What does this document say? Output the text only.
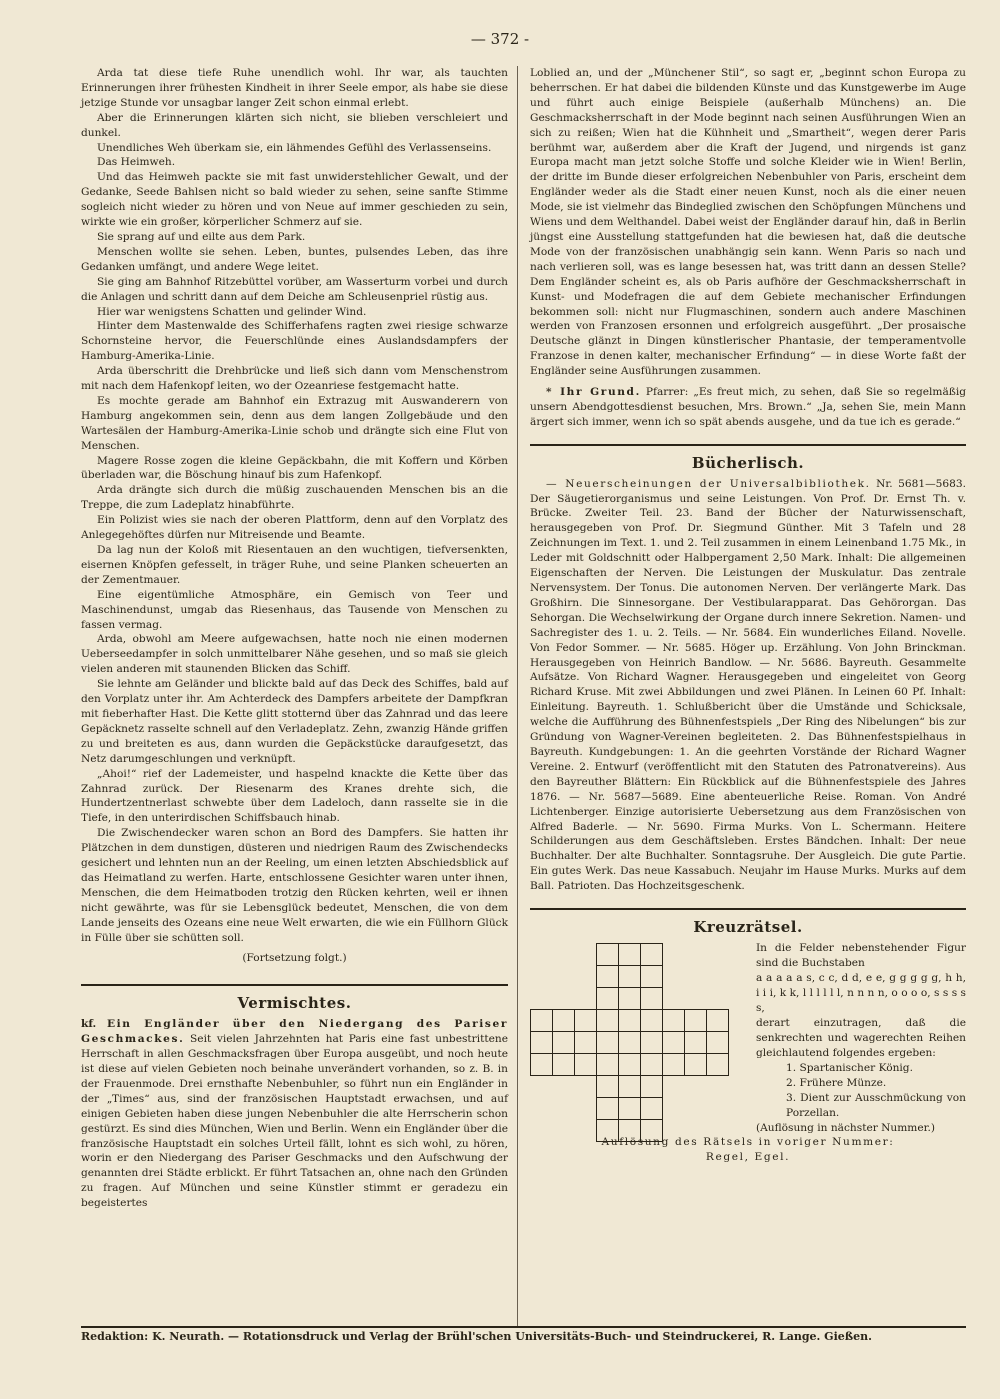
— 372 -

Arda tat diese tiefe Ruhe unendlich wohl. Ihr war, als tauchten Erinnerungen ihrer frühesten Kindheit in ihrer Seele empor, als habe sie diese jetzige Stunde vor unsagbar langer Zeit schon einmal erlebt.

Aber die Erinnerungen klärten sich nicht, sie blieben verschleiert und dunkel.

Unendliches Weh überkam sie, ein lähmendes Gefühl des Verlassenseins.

Das Heimweh.

Und das Heimweh packte sie mit fast unwiderstehlicher Gewalt, und der Gedanke, Seede Bahlsen nicht so bald wieder zu sehen, seine sanfte Stimme sogleich nicht wieder zu hören und von Neue auf immer geschieden zu sein, wirkte wie ein großer, körperlicher Schmerz auf sie.

Sie sprang auf und eilte aus dem Park.

Menschen wollte sie sehen. Leben, buntes, pulsendes Leben, das ihre Gedanken umfängt, und andere Wege leitet.

Sie ging am Bahnhof Ritzebüttel vorüber, am Wasserturm vorbei und durch die Anlagen und schritt dann auf dem Deiche am Schleusenpriel rüstig aus.

Hier war wenigstens Schatten und gelinder Wind.

Hinter dem Mastenwalde des Schifferhafens ragten zwei riesige schwarze Schornsteine hervor, die Feuerschlünde eines Auslandsdampfers der Hamburg-Amerika-Linie.

Arda überschritt die Drehbrücke und ließ sich dann vom Menschenstrom mit nach dem Hafenkopf leiten, wo der Ozeanriese festgemacht hatte.

Es mochte gerade am Bahnhof ein Extrazug mit Auswanderern von Hamburg angekommen sein, denn aus dem langen Zollgebäude und den Wartesälen der Hamburg-Amerika-Linie schob und drängte sich eine Flut von Menschen.

Magere Rosse zogen die kleine Gepäckbahn, die mit Koffern und Körben überladen war, die Böschung hinauf bis zum Hafenkopf.

Arda drängte sich durch die müßig zuschauenden Menschen bis an die Treppe, die zum Ladeplatz hinabführte.

Ein Polizist wies sie nach der oberen Plattform, denn auf den Vorplatz des Anlegegehöftes dürfen nur Mitreisende und Beamte.

Da lag nun der Koloß mit Riesentauen an den wuchtigen, tiefversenkten, eisernen Knöpfen gefesselt, in träger Ruhe, und seine Planken scheuerten an der Zementmauer.

Eine eigentümliche Atmosphäre, ein Gemisch von Teer und Maschinendunst, umgab das Riesenhaus, das Tausende von Menschen zu fassen vermag.

Arda, obwohl am Meere aufgewachsen, hatte noch nie einen modernen Ueberseedampfer in solch unmittelbarer Nähe gesehen, und so maß sie gleich vielen anderen mit staunenden Blicken das Schiff.

Sie lehnte am Geländer und blickte bald auf das Deck des Schiffes, bald auf den Vorplatz unter ihr. Am Achterdeck des Dampfers arbeitete der Dampfkran mit fieberhafter Hast. Die Kette glitt stotternd über das Zahnrad und das leere Gepäcknetz rasselte schnell auf den Verladeplatz. Zehn, zwanzig Hände griffen zu und breiteten es aus, dann wurden die Gepäckstücke daraufgesetzt, das Netz darumgeschlungen und verknüpft.

„Ahoi!“ rief der Lademeister, und haspelnd knackte die Kette über das Zahnrad zurück. Der Riesenarm des Kranes drehte sich, die Hundertzentnerlast schwebte über dem Ladeloch, dann rasselte sie in die Tiefe, in den unterirdischen Schiffsbauch hinab.

Die Zwischendecker waren schon an Bord des Dampfers. Sie hatten ihr Plätzchen in dem dunstigen, düsteren und niedrigen Raum des Zwischendecks gesichert und lehnten nun an der Reeling, um einen letzten Abschiedsblick auf das Heimatland zu werfen. Harte, entschlossene Gesichter waren unter ihnen, Menschen, die dem Heimatboden trotzig den Rücken kehrten, weil er ihnen nicht gewährte, was für sie Lebensglück bedeutet, Menschen, die von dem Lande jenseits des Ozeans eine neue Welt erwarten, die wie ein Füllhorn Glück in Fülle über sie schütten soll.

(Fortsetzung folgt.)

Vermischtes.

kf. Ein Engländer über den Niedergang des Pariser Geschmackes. Seit vielen Jahrzehnten hat Paris eine fast unbestrittene Herrschaft in allen Geschmacksfragen über Europa ausgeübt, und noch heute ist diese auf vielen Gebieten noch beinahe unverändert vorhanden, so z. B. in der Frauenmode. Drei ernsthafte Nebenbuhler, so führt nun ein Engländer in der „Times“ aus, sind der französischen Hauptstadt erwachsen, und auf einigen Gebieten haben diese jungen Nebenbuhler die alte Herrscherin schon gestürzt. Es sind dies München, Wien und Berlin. Wenn ein Engländer über die französische Hauptstadt ein solches Urteil fällt, lohnt es sich wohl, zu hören, worin er den Niedergang des Pariser Geschmacks und den Aufschwung der genannten drei Städte erblickt. Er führt Tatsachen an, ohne nach den Gründen zu fragen. Auf München und seine Künstler stimmt er geradezu ein begeistertes

Loblied an, und der „Münchener Stil“, so sagt er, „beginnt schon Europa zu beherrschen. Er hat dabei die bildenden Künste und das Kunstgewerbe im Auge und führt auch einige Beispiele (außerhalb Münchens) an. Die Geschmacksherrschaft in der Mode beginnt nach seinen Ausführungen Wien an sich zu reißen; Wien hat die Kühnheit und „Smartheit“, wegen derer Paris berühmt war, außerdem aber die Kraft der Jugend, und nirgends ist ganz Europa macht man jetzt solche Stoffe und solche Kleider wie in Wien! Berlin, der dritte im Bunde dieser erfolgreichen Nebenbuhler von Paris, erscheint dem Engländer weder als die Stadt einer neuen Kunst, noch als die einer neuen Mode, sie ist vielmehr das Bindeglied zwischen den Schöpfungen Münchens und Wiens und dem Welthandel. Dabei weist der Engländer darauf hin, daß in Berlin jüngst eine Ausstellung stattgefunden hat die bewiesen hat, daß die deutsche Mode von der französischen unabhängig sein kann. Wenn Paris so nach und nach verlieren soll, was es lange besessen hat, was tritt dann an dessen Stelle? Dem Engländer scheint es, als ob Paris aufhöre der Geschmacksherrschaft in Kunst- und Modefragen die auf dem Gebiete mechanischer Erfindungen bekommen soll: nicht nur Flugmaschinen, sondern auch andere Maschinen werden von Franzosen ersonnen und erfolgreich ausgeführt. „Der prosaische Deutsche glänzt in Dingen künstlerischer Phantasie, der temperamentvolle Franzose in denen kalter, mechanischer Erfindung“ — in diese Worte faßt der Engländer seine Ausführungen zusammen.

* Ihr Grund. Pfarrer: „Es freut mich, zu sehen, daß Sie so regelmäßig unsern Abendgottesdienst besuchen, Mrs. Brown.“ „Ja, sehen Sie, mein Mann ärgert sich immer, wenn ich so spät abends ausgehe, und da tue ich es gerade.“

Bücherlisch.

— Neuerscheinungen der Universalbibliothek. Nr. 5681—5683. Der Säugetierorganismus und seine Leistungen. Von Prof. Dr. Ernst Th. v. Brücke. Zweiter Teil. 23. Band der Bücher der Naturwissenschaft, herausgegeben von Prof. Dr. Siegmund Günther. Mit 3 Tafeln und 28 Zeichnungen im Text. 1. und 2. Teil zusammen in einem Leinenband 1.75 Mk., in Leder mit Goldschnitt oder Halbpergament 2,50 Mark. Inhalt: Die allgemeinen Eigenschaften der Nerven. Die Leistungen der Muskulatur. Das zentrale Nervensystem. Der Tonus. Die autonomen Nerven. Der verlängerte Mark. Das Großhirn. Die Sinnesorgane. Der Vestibularapparat. Das Gehörorgan. Das Sehorgan. Die Wechselwirkung der Organe durch innere Sekretion. Namen- und Sachregister des 1. u. 2. Teils. — Nr. 5684. Ein wunderliches Eiland. Novelle. Von Fedor Sommer. — Nr. 5685. Höger up. Erzählung. Von John Brinckman. Herausgegeben von Heinrich Bandlow. — Nr. 5686. Bayreuth. Gesammelte Aufsätze. Von Richard Wagner. Herausgegeben und eingeleitet von Georg Richard Kruse. Mit zwei Abbildungen und zwei Plänen. In Leinen 60 Pf. Inhalt: Einleitung. Bayreuth. 1. Schlußbericht über die Umstände und Schicksale, welche die Aufführung des Bühnenfestspiels „Der Ring des Nibelungen“ bis zur Gründung von Wagner-Vereinen begleiteten. 2. Das Bühnenfestspielhaus in Bayreuth. Kundgebungen: 1. An die geehrten Vorstände der Richard Wagner Vereine. 2. Entwurf (veröffentlicht mit den Statuten des Patronatvereins). Aus den Bayreuther Blättern: Ein Rückblick auf die Bühnenfestspiele des Jahres 1876. — Nr. 5687—5689. Eine abenteuerliche Reise. Roman. Von André Lichtenberger. Einzige autorisierte Uebersetzung aus dem Französischen von Alfred Baderle. — Nr. 5690. Firma Murks. Von L. Schermann. Heitere Schilderungen aus dem Geschäftsleben. Erstes Bändchen. Inhalt: Der neue Buchhalter. Der alte Buchhalter. Sonntagsruhe. Der Ausgleich. Die gute Partie. Ein gutes Werk. Das neue Kassabuch. Neujahr im Hause Murks. Murks auf dem Ball. Patrioten. Das Hochzeitsgeschenk.

Kreuzrätsel.
In die Felder nebenstehender Figur sind die Buchstaben
a a a a a s, c c, d d, e e, g g g g g, h h, i i i, k k, l l l l l l, n n n n, o o o o, s s s s s,
derart einzutragen, daß die senkrechten und wagerechten Reihen gleichlautend folgendes ergeben:
1. Spartanischer König.
2. Frühere Münze.
3. Dient zur Ausschmückung von Porzellan.
(Auflösung in nächster Nummer.)
Auflösung des Rätsels in voriger Nummer:
Regel, Egel.
Redaktion: K. Neurath. — Rotationsdruck und Verlag der Brühl'schen Universitäts-Buch- und Steindruckerei, R. Lange. Gießen.
